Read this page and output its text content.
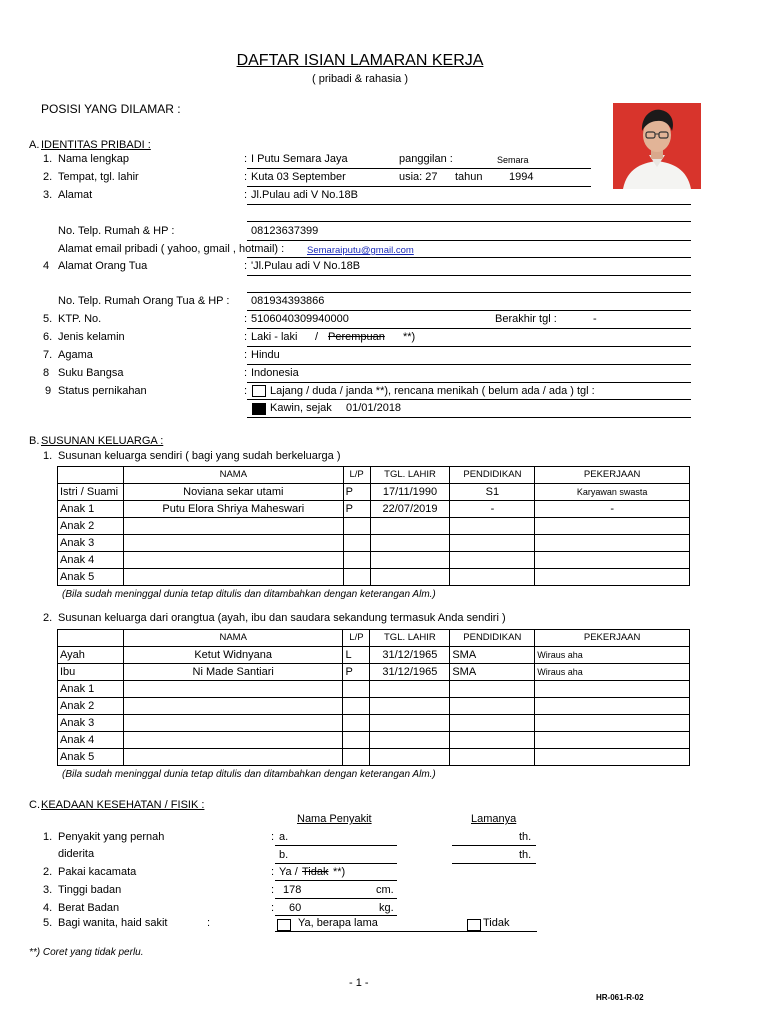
DAFTAR ISIAN LAMARAN KERJA
( pribadi & rahasia )
POSISI YANG DILAMAR :
A. IDENTITAS PRIBADI :
1. Nama lengkap	: I Putu Semara Jaya	panggilan :	Semara
2. Tempat, tgl. lahir	: Kuta 03 September	usia: 27 tahun 1994
3. Alamat	: Jl.Pulau adi V No.18B
No. Telp. Rumah & HP :	08123637399
Alamat email pribadi ( yahoo, gmail , hotmail) : Semaraiputu@gmail.com
4 Alamat Orang Tua	: 'Jl.Pulau adi V No.18B
No. Telp. Rumah Orang Tua & HP : 081934393866
5. KTP. No.	: 5106040309940000	Berakhir tgl :	-
6. Jenis kelamin	: Laki - laki / Perempuan **)
7. Agama	: Hindu
8 Suku Bangsa	: Indonesia
9 Status pernikahan	: Lajang / duda / janda **), rencana menikah ( belum ada / ada ) tgl :
Kawin, sejak 01/01/2018
B. SUSUNAN KELUARGA :
1. Susunan keluarga sendiri ( bagi yang sudah berkeluarga )
	NAMA	L/P	TGL. LAHIR	PENDIDIKAN	PEKERJAAN
Istri / Suami	Noviana sekar utami	P	17/11/1990	S1	Karyawan swasta
Anak 1	Putu Elora Shriya Maheswari	P	22/07/2019	-	-
Anak 2					
Anak 3					
Anak 4					
Anak 5					
(Bila sudah meninggal dunia tetap ditulis dan ditambahkan dengan keterangan Alm.)
2. Susunan keluarga dari orangtua (ayah, ibu dan saudara sekandung termasuk Anda sendiri )
	NAMA	L/P	TGL. LAHIR	PENDIDIKAN	PEKERJAAN
Ayah	Ketut Widnyana	L	31/12/1965	SMA	Wiraus aha
Ibu	Ni Made Santiari	P	31/12/1965	SMA	Wiraus aha
Anak 1					
Anak 2					
Anak 3					
Anak 4					
Anak 5					
(Bila sudah meninggal dunia tetap ditulis dan ditambahkan dengan keterangan Alm.)
C. KEADAAN KESEHATAN / FISIK :
Nama Penyakit	Lamanya
1. Penyakit yang pernah
diderita
: a.	th.
b.	th.
2. Pakai kacamata	: Ya / Tidak **)
3. Tinggi badan	: 178	cm.
4. Berat Badan	: 60	kg.
5. Bagi wanita, haid sakit	:	Ya, berapa lama	Tidak
**) Coret yang tidak perlu.
- 1 -
HR-061-R-02
